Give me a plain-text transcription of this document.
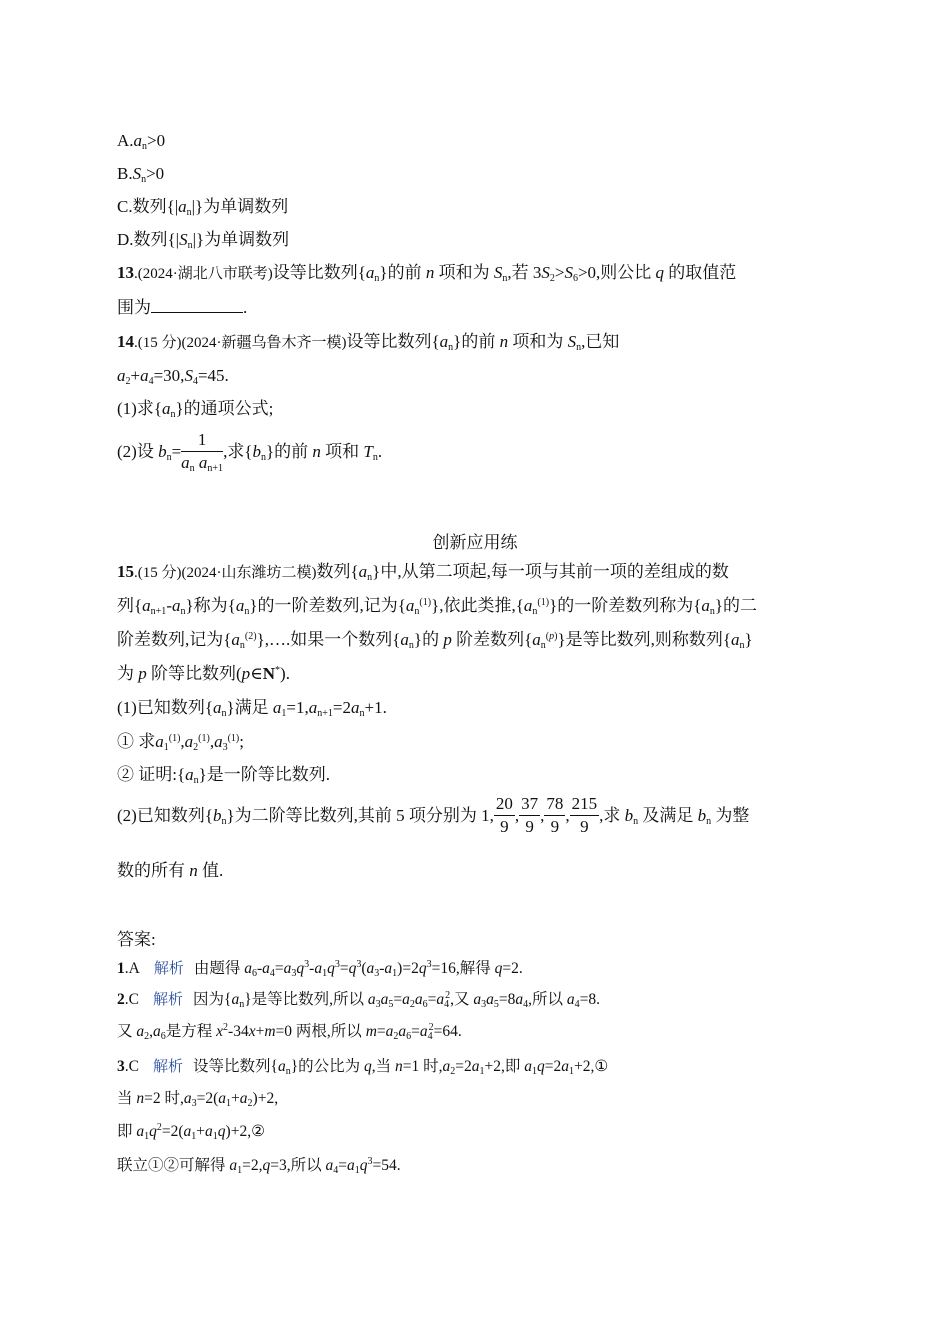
$A.a_n>0$
$B.S_n>0$
C.数列$\{|a_n|\}$为单调数列
D.数列$\{|S_n|\}$为单调数列
13.(2024·湖北八市联考)设等比数列$\{a_n\}$的前 n 项和为 $S_n$,若 $3S_2>S_6>0$,则公比 q 的取值范
围为	.
14.(15 分)(2024·新疆乌鲁木齐一模)设等比数列$\{a_n\}$的前 n 项和为 $S_n$,已知
$a_2+a_4=30,S_4=45$.
(1)求$\{a_n\}$的通项公式;
(2)设 $b_n= \frac{1}{a_n a_{n+1}}$ ,求$\{b_n\}$的前 n 项和 $T_n$.
创新应用练
15.(15 分)(2024·山东潍坊二模)数列$\{a_n\}$中,从第二项起,每一项与其前一项的差组成的数
列$\{a_{n+1}-a_n\}$称为$\{a_n\}$的一阶差数列,记为$\{a_n^{(1)}\}$,依此类推$,\{a_n^{(1)}\}$的一阶差数列称为$\{a_n\}$的二
阶差数列,记为$\{a_n^{(2)}\},\dots$.如果一个数列$\{a_n\}$的 p 阶差数列$\{a_n^{(p)}\}$是等比数列,则称数列$\{a_n\}$
为 p 阶等比数列(p∈N*).
(1)已知数列$\{a_n\}$满足 $a_1=1,a_{n+1}=2a_n+1$.
① 求$a_1^{(1)},a_2^{(1)},a_3^{(1)}$;
② 证明$:\{a_n\}$是一阶等比数列.
(2)已知数列$\{b_n\}$为二阶等比数列,其前 5 项分别为 1, $\frac{20}{9}$ , $\frac{37}{9}$ , $\frac{78}{9}$ , $\frac{215}{9}$ ,求 $b_n$ 及满足 $b_n$ 为整
数的所有 n 值.
答案:
1.A 解析 由题得 $a_6-a_4=a_3q^3-a_1q^3=q^3(a_3-a_1)=2q^3=16$,解得 q=2.
2.C 解析 因为$\{a_n\}$是等比数列,所以 $a_3a_5=a_2a_6=a_4^2$,又 $a_3a_5=8a_4$,所以 $a_4=8$.
又 $a_2,a_6$是方程 $x^2-34x+m=0$ 两根,所以 $m=a_2a_6=a_4^2=64$.
3.C 解析 设等比数列$\{a_n\}$的公比为 q,当 n=1 时$,a_2=2a_1+2$,即 $a_1q=2a_1+2,①$
当 n=2 时$,a_3=2(a_1+a_2)+2$,
即 $a_1q^2=2(a_1+a_1q)+2,②$
联立①②可解得 $a_1=2,q=3$,所以 $a_4=a_1q^3=54$.
